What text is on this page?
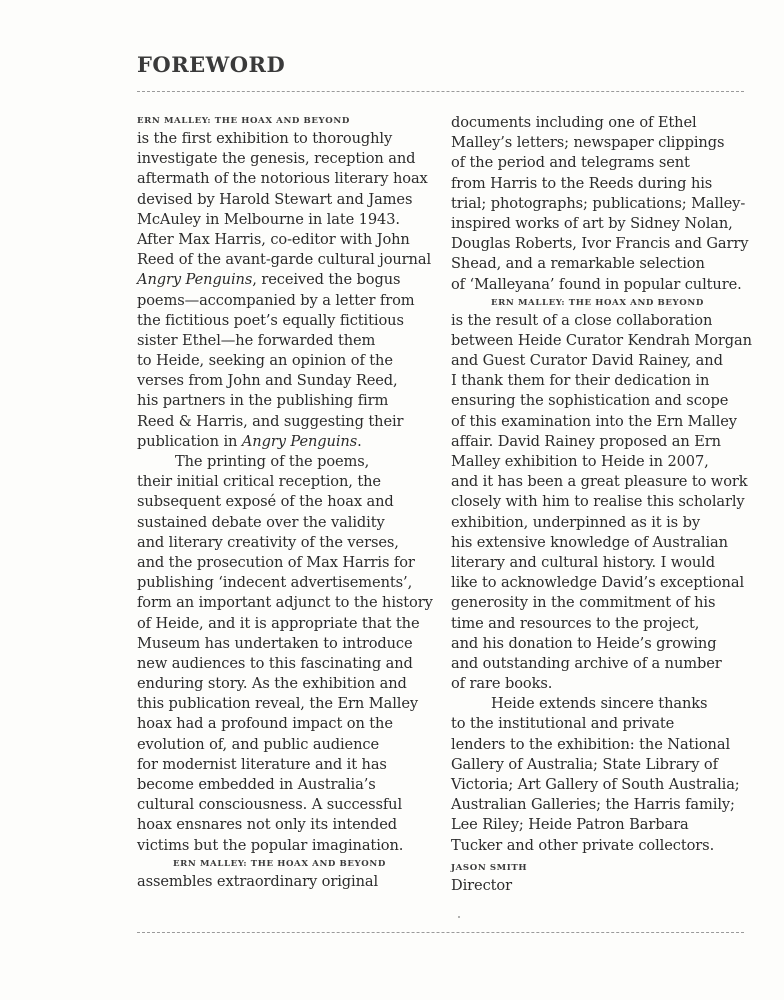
FOREWORD
ERN MALLEY: THE HOAX AND BEYOND
is the first exhibition to thoroughly
investigate the genesis, reception and
aftermath of the notorious literary hoax
devised by Harold Stewart and James
McAuley in Melbourne in late 1943.
After Max Harris, co-editor with John
Reed of the avant-garde cultural journal
Angry Penguins, received the bogus
poems—accompanied by a letter from
the fictitious poet’s equally fictitious
sister Ethel—he forwarded them
to Heide, seeking an opinion of the
verses from John and Sunday Reed,
his partners in the publishing firm
Reed & Harris, and suggesting their
publication in Angry Penguins.
The printing of the poems,
their initial critical reception, the
subsequent exposé of the hoax and
sustained debate over the validity
and literary creativity of the verses,
and the prosecution of Max Harris for
publishing ‘indecent advertisements’,
form an important adjunct to the history
of Heide, and it is appropriate that the
Museum has undertaken to introduce
new audiences to this fascinating and
enduring story. As the exhibition and
this publication reveal, the Ern Malley
hoax had a profound impact on the
evolution of, and public audience
for modernist literature and it has
become embedded in Australia’s
cultural consciousness. A successful
hoax ensnares not only its intended
victims but the popular imagination.
ERN MALLEY: THE HOAX AND BEYOND
assembles extraordinary original
documents including one of Ethel
Malley’s letters; newspaper clippings
of the period and telegrams sent
from Harris to the Reeds during his
trial; photographs; publications; Malley-
inspired works of art by Sidney Nolan,
Douglas Roberts, Ivor Francis and Garry
Shead, and a remarkable selection
of ‘Malleyana’ found in popular culture.
ERN MALLEY: THE HOAX AND BEYOND
is the result of a close collaboration
between Heide Curator Kendrah Morgan
and Guest Curator David Rainey, and
I thank them for their dedication in
ensuring the sophistication and scope
of this examination into the Ern Malley
affair. David Rainey proposed an Ern
Malley exhibition to Heide in 2007,
and it has been a great pleasure to work
closely with him to realise this scholarly
exhibition, underpinned as it is by
his extensive knowledge of Australian
literary and cultural history. I would
like to acknowledge David’s exceptional
generosity in the commitment of his
time and resources to the project,
and his donation to Heide’s growing
and outstanding archive of a number
of rare books.
Heide extends sincere thanks
to the institutional and private
lenders to the exhibition: the National
Gallery of Australia; State Library of
Victoria; Art Gallery of South Australia;
Australian Galleries; the Harris family;
Lee Riley; Heide Patron Barbara
Tucker and other private collectors.
JASON SMITH
Director
